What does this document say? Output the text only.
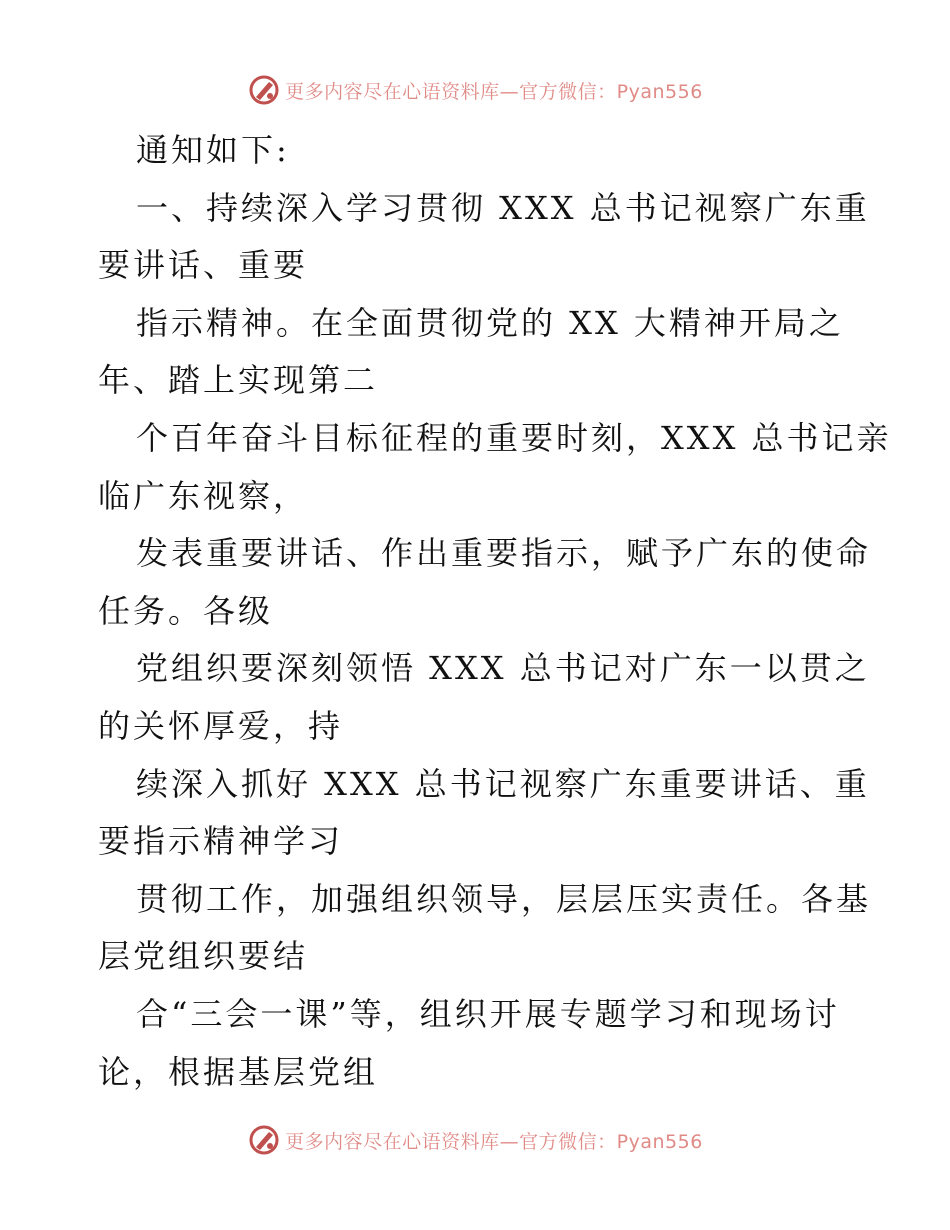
更多内容尽在心语资料库—官方微信：Pyan556
通知如下:
一、持续深入学习贯彻 XXX 总书记视察广东重
要讲话、重要
指示精神。在全面贯彻党的 XX 大精神开局之
年、踏上实现第二
个百年奋斗目标征程的重要时刻，XXX 总书记亲
临广东视察，
发表重要讲话、作出重要指示，赋予广东的使命
任务。各级
党组织要深刻领悟 XXX 总书记对广东一以贯之
的关怀厚爱，持
续深入抓好 XXX 总书记视察广东重要讲话、重
要指示精神学习
贯彻工作，加强组织领导，层层压实责任。各基
层党组织要结
合“三会一课”等，组织开展专题学习和现场讨
论，根据基层党组
更多内容尽在心语资料库—官方微信：Pyan556
